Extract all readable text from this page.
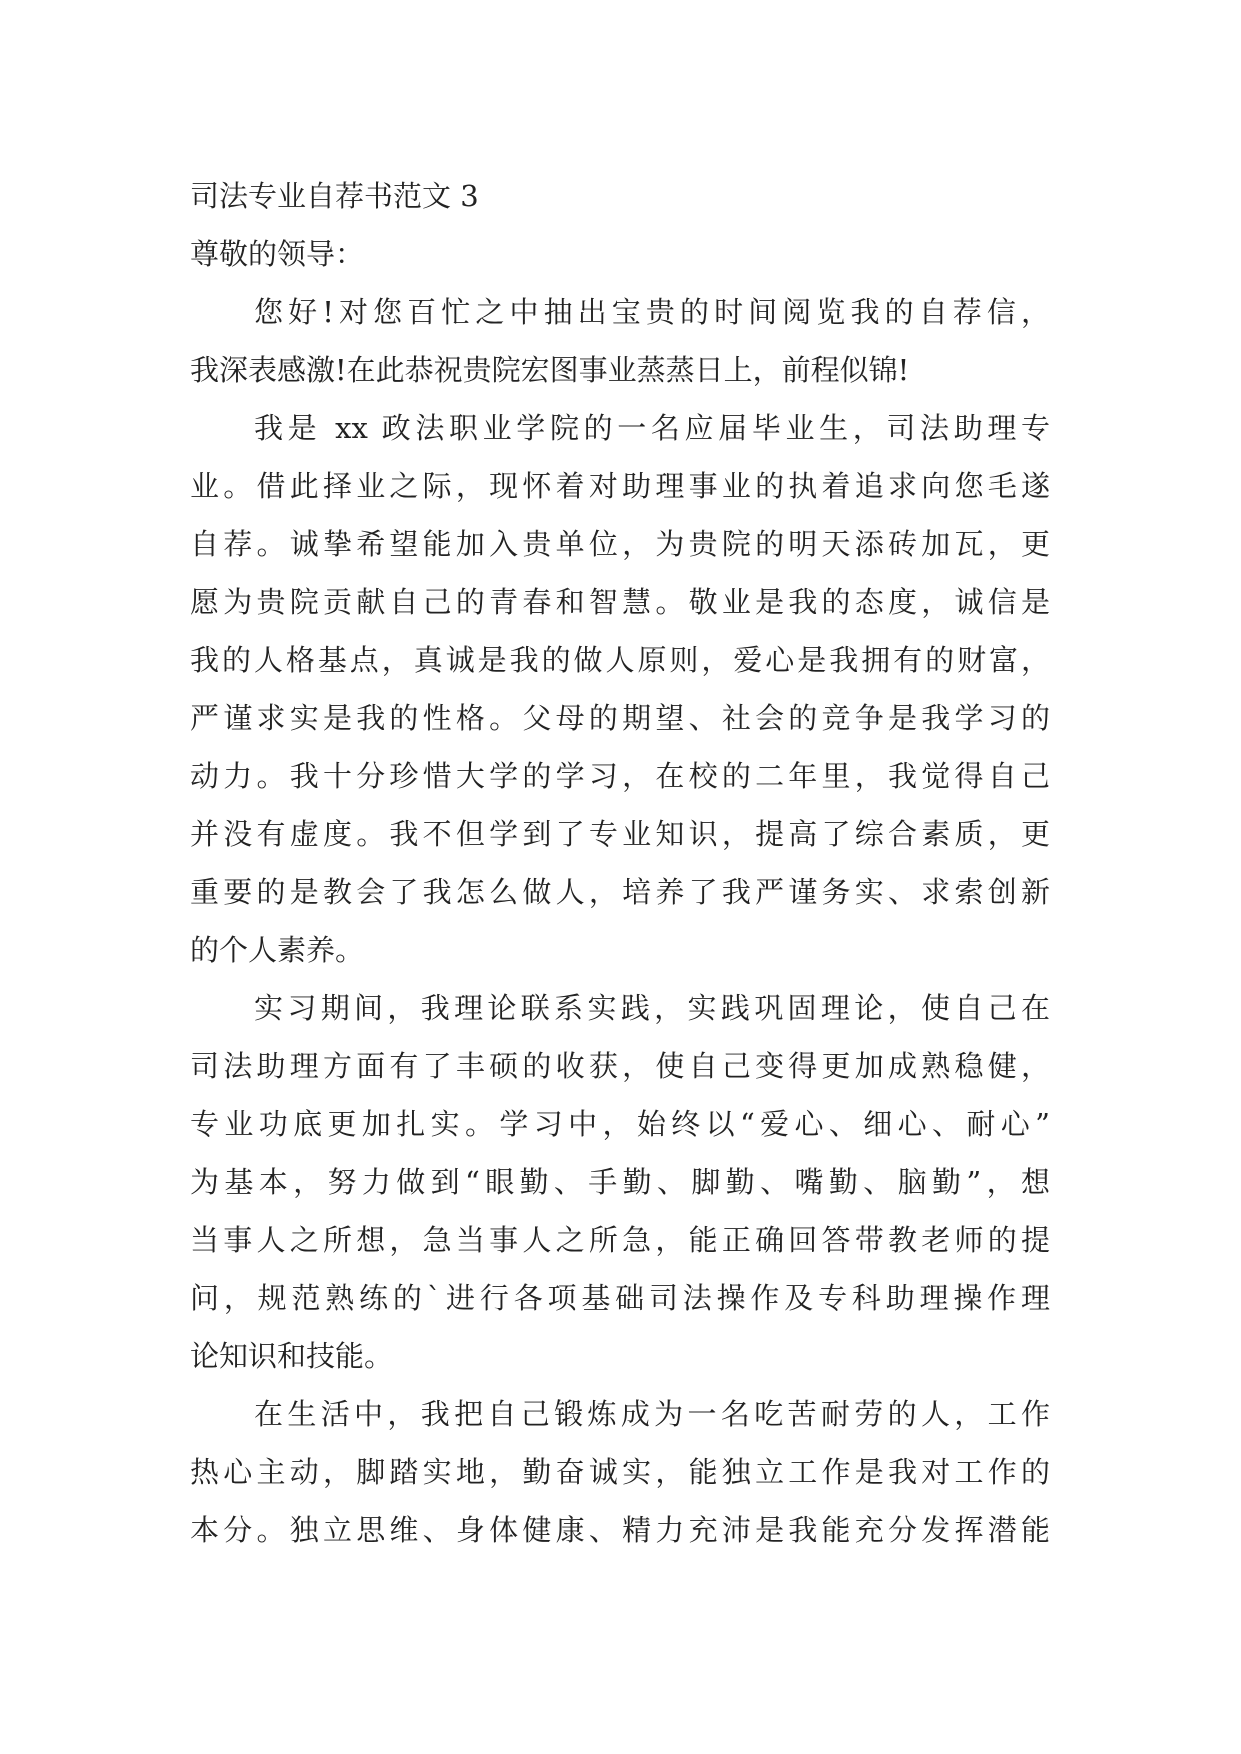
司法专业自荐书范文 3
尊敬的领导：
您好!对您百忙之中抽出宝贵的时间阅览我的自荐信，
我深表感激!在此恭祝贵院宏图事业蒸蒸日上，前程似锦!
我是 xx 政法职业学院的一名应届毕业生，司法助理专
业。借此择业之际，现怀着对助理事业的执着追求向您毛遂
自荐。诚挚希望能加入贵单位，为贵院的明天添砖加瓦，更
愿为贵院贡献自己的青春和智慧。敬业是我的态度，诚信是
我的人格基点，真诚是我的做人原则，爱心是我拥有的财富，
严谨求实是我的性格。父母的期望、社会的竞争是我学习的
动力。我十分珍惜大学的学习，在校的二年里，我觉得自己
并没有虚度。我不但学到了专业知识，提高了综合素质，更
重要的是教会了我怎么做人，培养了我严谨务实、求索创新
的个人素养。
实习期间，我理论联系实践，实践巩固理论，使自己在
司法助理方面有了丰硕的收获，使自己变得更加成熟稳健，
专业功底更加扎实。学习中，始终以“爱心、细心、耐心”
为基本，努力做到“眼勤、手勤、脚勤、嘴勤、脑勤”，想
当事人之所想，急当事人之所急，能正确回答带教老师的提
问，规范熟练的`进行各项基础司法操作及专科助理操作理
论知识和技能。
在生活中，我把自己锻炼成为一名吃苦耐劳的人，工作
热心主动，脚踏实地，勤奋诚实，能独立工作是我对工作的
本分。独立思维、身体健康、精力充沛是我能充分发挥潜能
